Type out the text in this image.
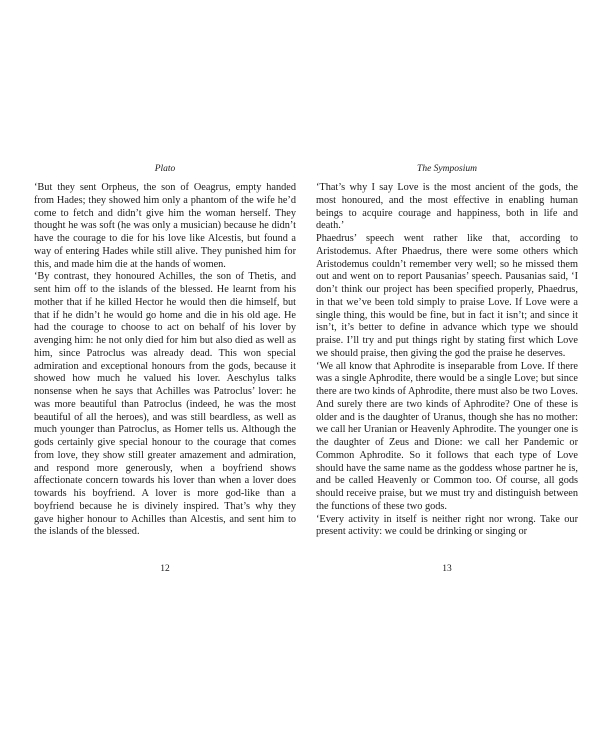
Plato

‘But they sent Orpheus, the son of Oeagrus, empty handed from Hades; they showed him only a phantom of the wife he’d come to fetch and didn’t give him the woman herself. They thought he was soft (he was only a musician) because he didn’t have the courage to die for his love like Alcestis, but found a way of entering Hades while still alive. They punished him for this, and made him die at the hands of women.

‘By contrast, they honoured Achilles, the son of Thetis, and sent him off to the islands of the blessed. He learnt from his mother that if he killed Hector he would then die himself, but that if he didn’t he would go home and die in his old age. He had the courage to choose to act on behalf of his lover by avenging him: he not only died for him but also died as well as him, since Patroclus was already dead. This won special admiration and exceptional honours from the gods, because it showed how much he valued his lover. Aeschylus talks nonsense when he says that Achilles was Patroclus’ lover: he was more beautiful than Patroclus (indeed, he was the most beautiful of all the heroes), and was still beardless, as well as much younger than Patroclus, as Homer tells us. Although the gods certainly give special honour to the courage that comes from love, they show still greater amazement and admiration, and respond more generously, when a boyfriend shows affectionate concern towards his lover than when a lover does towards his boyfriend. A lover is more god-like than a boyfriend because he is divinely inspired. That’s why they gave higher honour to Achilles than Alcestis, and sent him to the islands of the blessed.

12
The Symposium

‘That’s why I say Love is the most ancient of the gods, the most honoured, and the most effective in enabling human beings to acquire courage and happiness, both in life and death.’

Phaedrus’ speech went rather like that, according to Aristodemus. After Phaedrus, there were some others which Aristodemus couldn’t remember very well; so he missed them out and went on to report Pausanias’ speech. Pausanias said, ‘I don’t think our project has been specified properly, Phaedrus, in that we’ve been told simply to praise Love. If Love were a single thing, this would be fine, but in fact it isn’t; and since it isn’t, it’s better to define in advance which type we should praise. I’ll try and put things right by stating first which Love we should praise, then giving the god the praise he deserves.

‘We all know that Aphrodite is inseparable from Love. If there was a single Aphrodite, there would be a single Love; but since there are two kinds of Aphrodite, there must also be two Loves. And surely there are two kinds of Aphrodite? One of these is older and is the daughter of Uranus, though she has no mother: we call her Uranian or Heavenly Aphrodite. The younger one is the daughter of Zeus and Dione: we call her Pandemic or Common Aphrodite. So it follows that each type of Love should have the same name as the goddess whose partner he is, and be called Heavenly or Common too. Of course, all gods should receive praise, but we must try and distinguish between the functions of these two gods.

‘Every activity in itself is neither right nor wrong. Take our present activity: we could be drinking or singing or

13
